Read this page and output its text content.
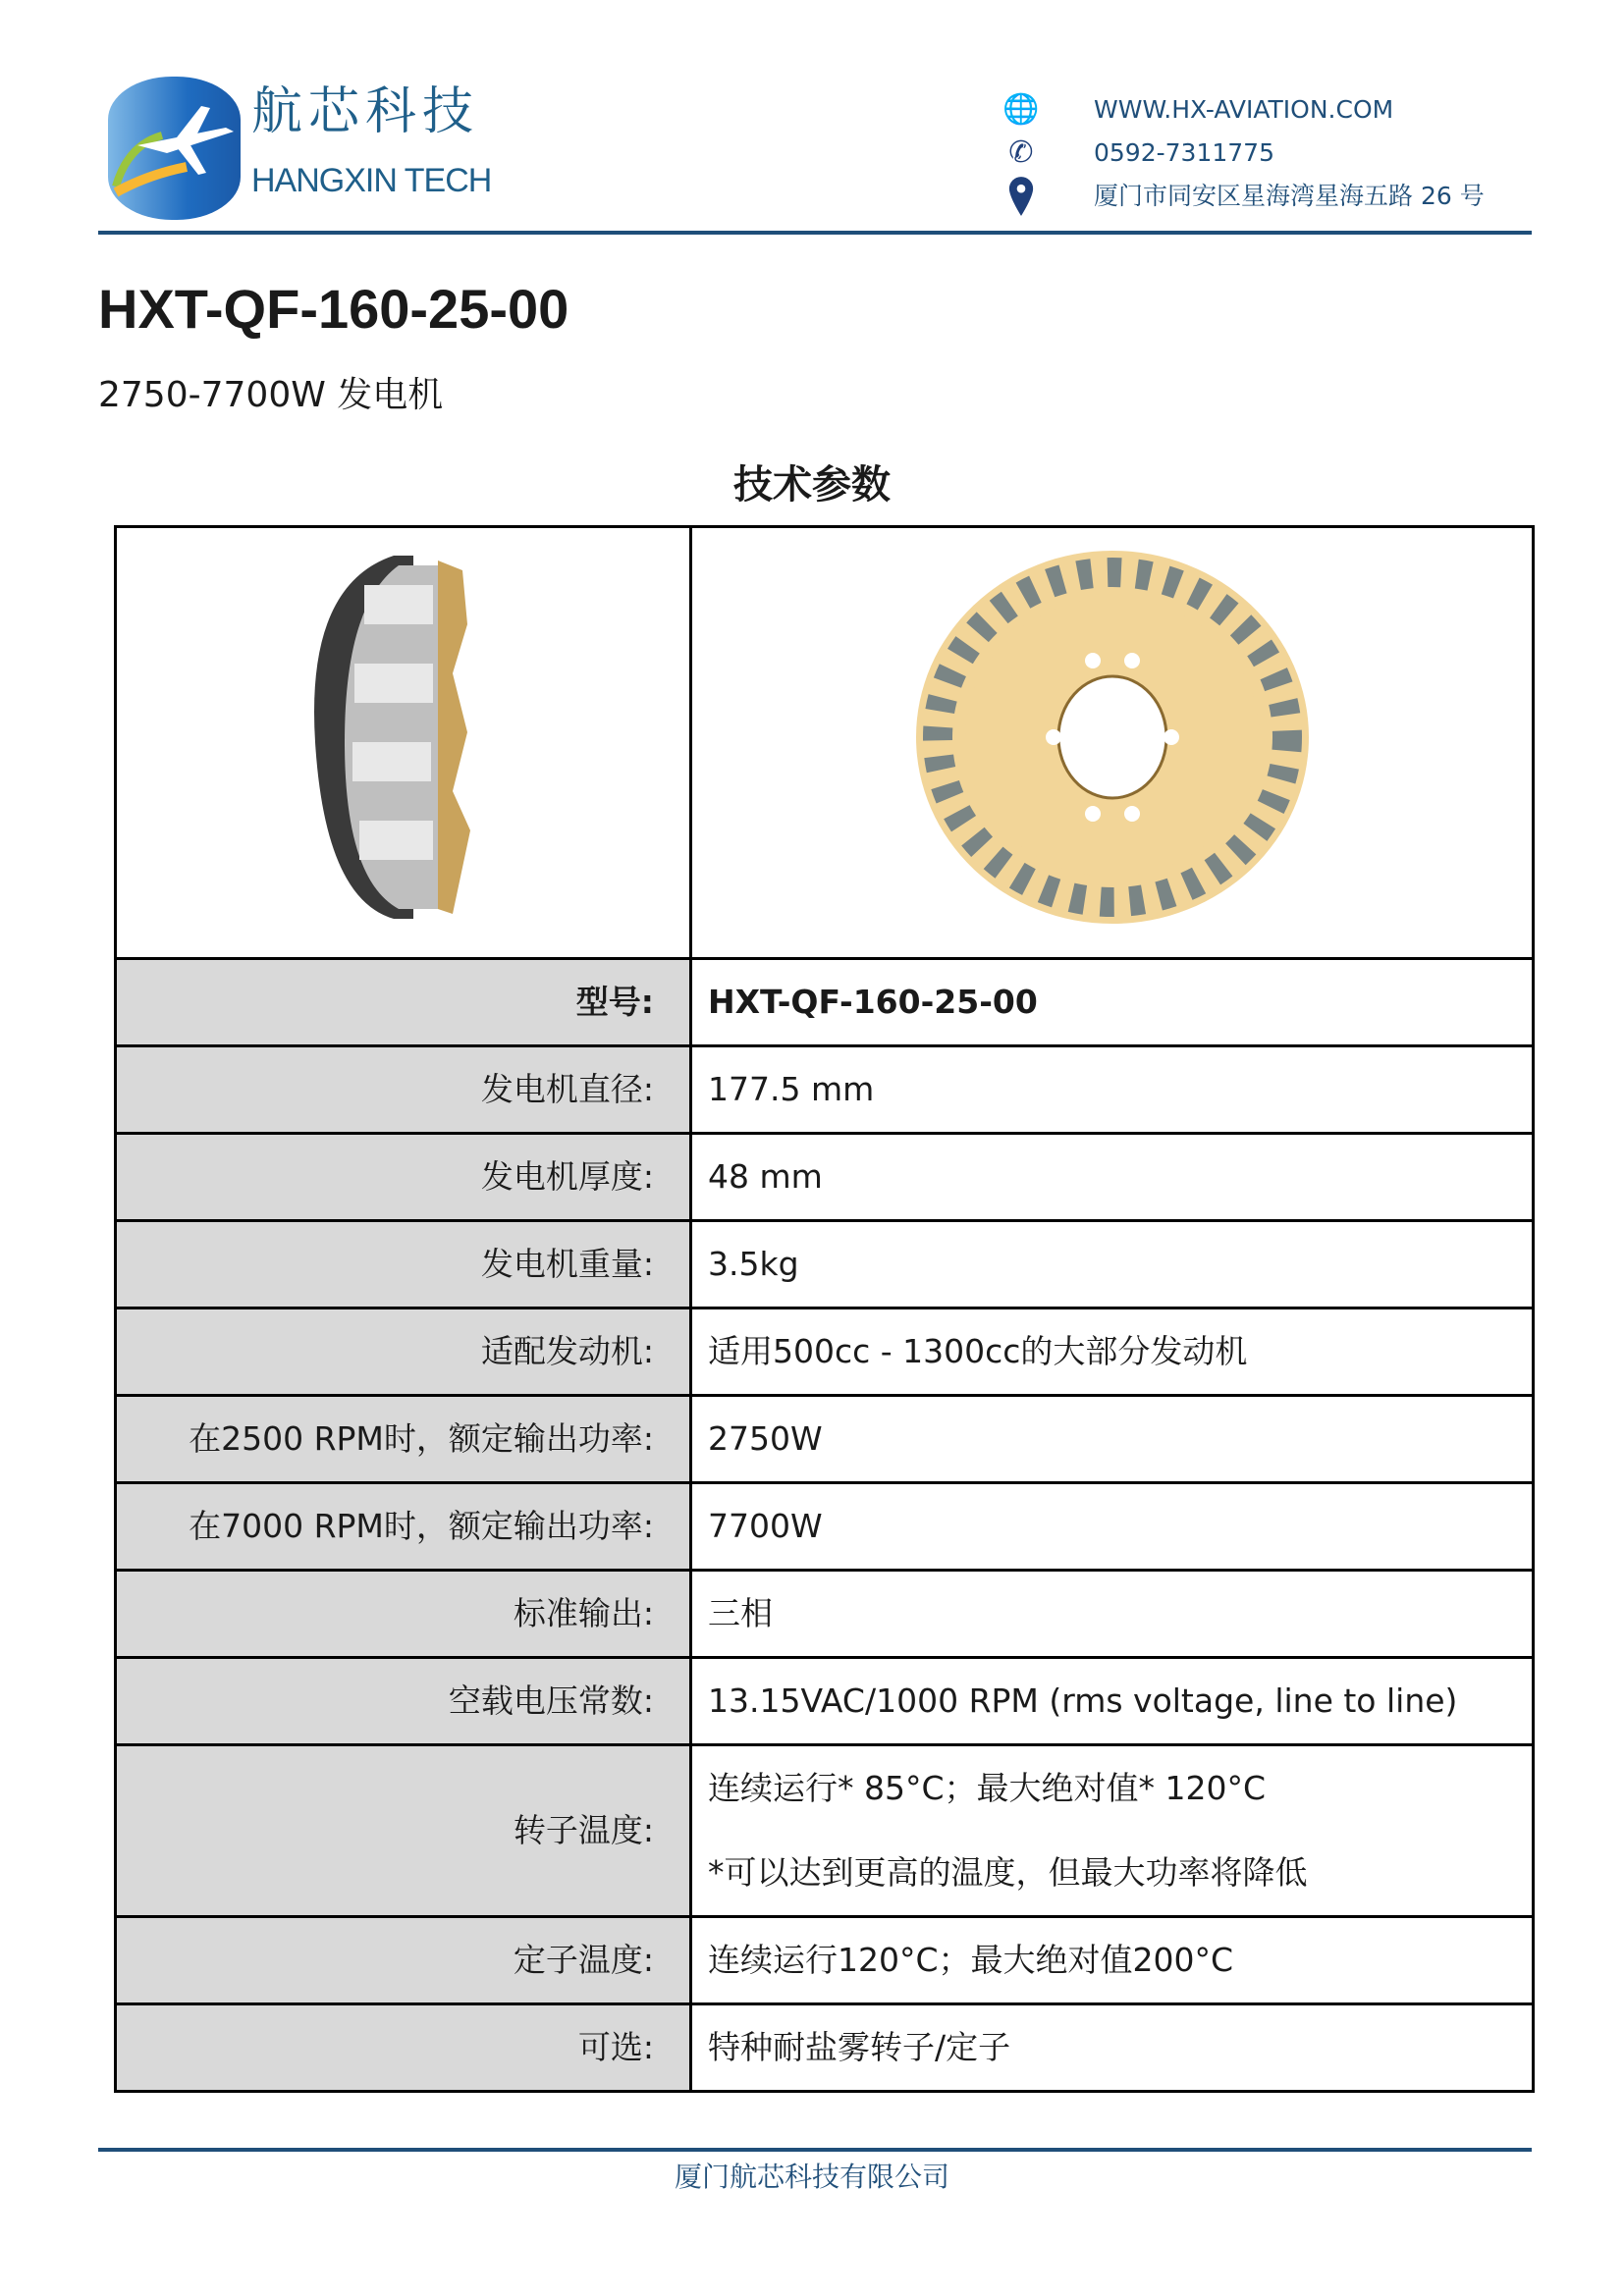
航芯科技
HANGXIN TECH
🌐 WWW.HX-AVIATION.COM
✆	0592-7311775
厦门市同安区星海湾星海五路 26 号
HXT-QF-160-25-00
2750-7700W 发电机
技术参数

型号:	HXT-QF-160-25-00
发电机直径:	177.5 mm
发电机厚度:	48 mm
发电机重量:	3.5kg
适配发动机:	适用500cc - 1300cc的大部分发动机
在2500 RPM时，额定输出功率:	2750W
在7000 RPM时，额定输出功率:	7700W
标准输出:	三相
空载电压常数:	13.15VAC/1000 RPM (rms voltage, line to line)
转子温度:	连续运行* 85°C；最大绝对值* 120°C
*可以达到更高的温度，但最大功率将降低

定子温度:	连续运行120°C；最大绝对值200°C
可选:	特种耐盐雾转子/定子
厦门航芯科技有限公司
